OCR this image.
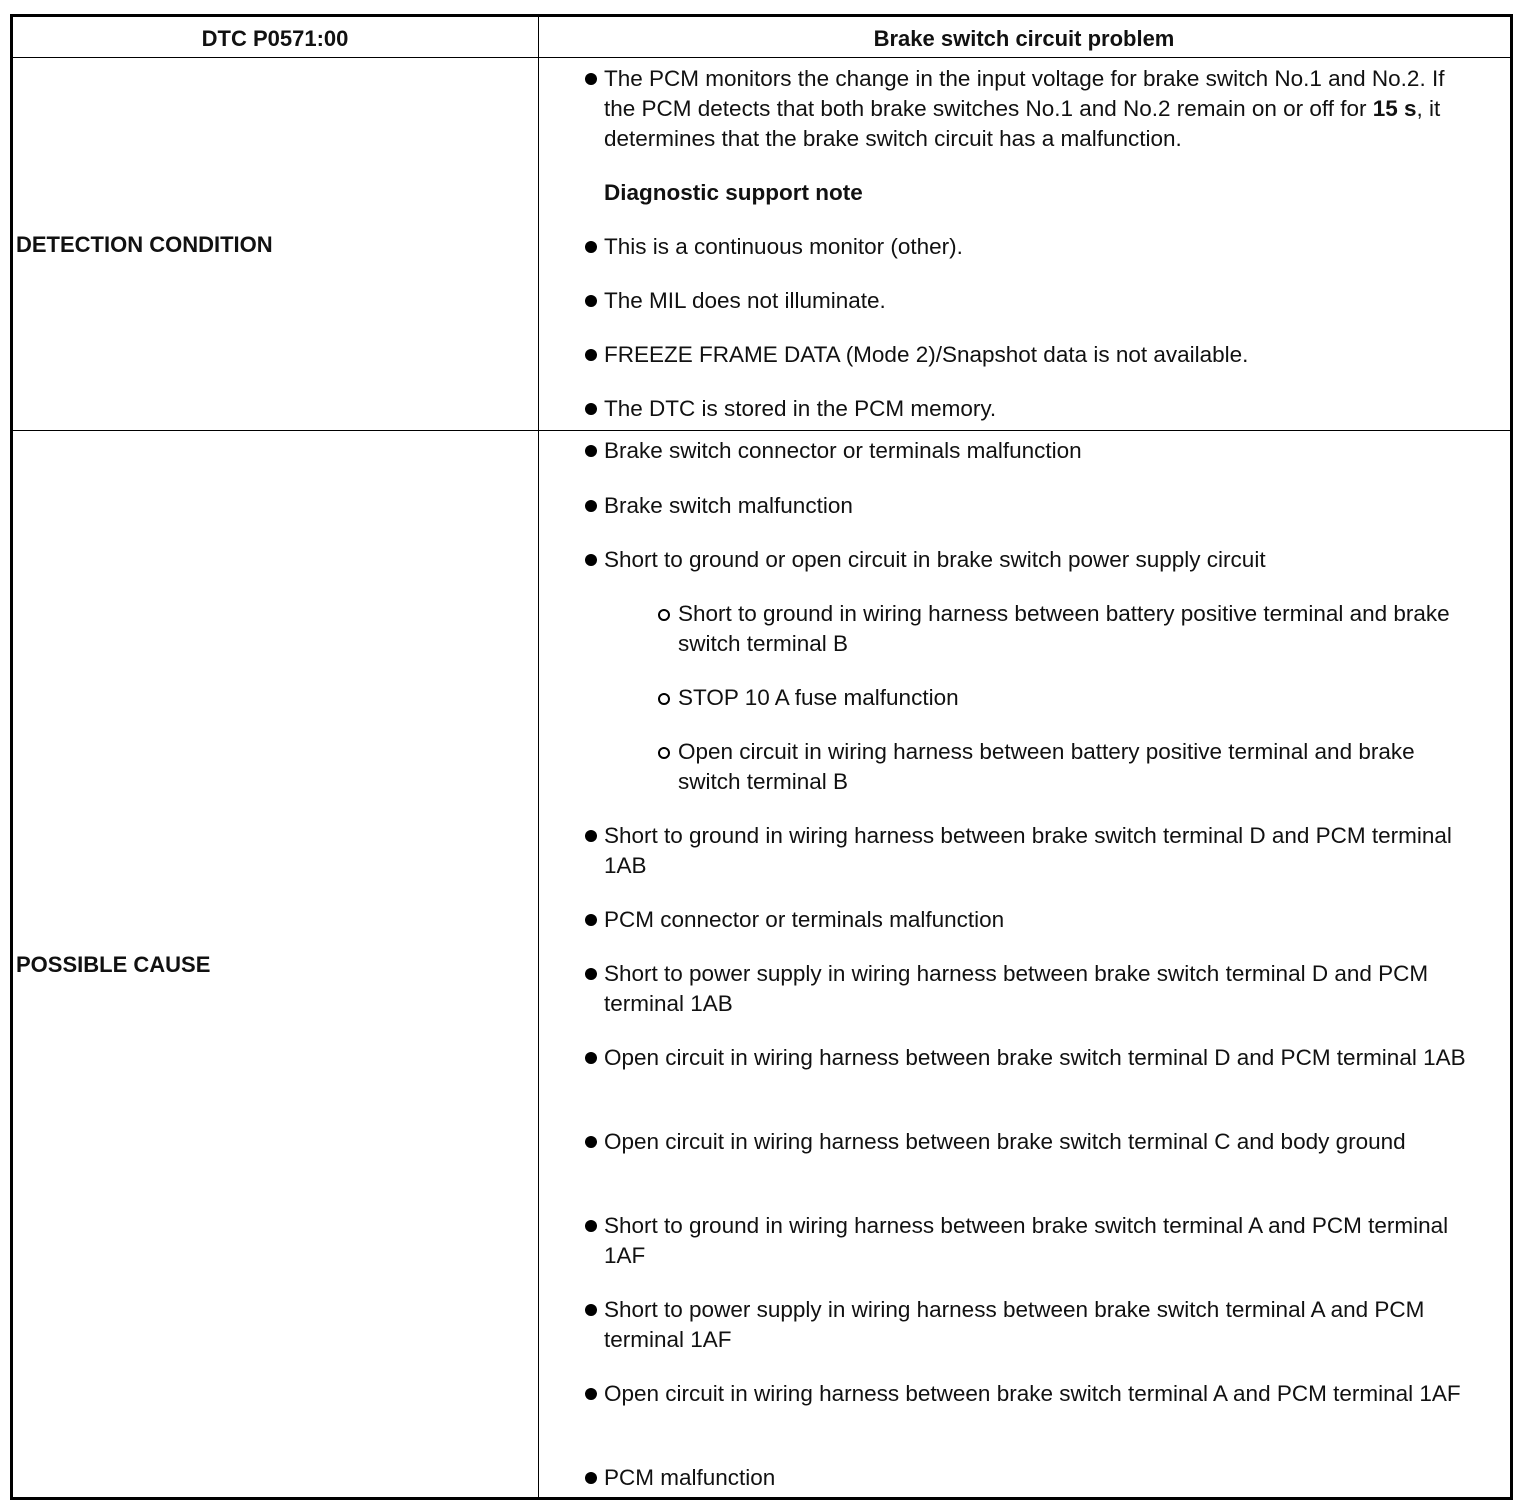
DTC P0571:00	Brake switch circuit problem
DETECTION CONDITION
The PCM monitors the change in the input voltage for brake switch No.1 and No.2. If the PCM detects that both brake switches No.1 and No.2 remain on or off for 15 s, it determines that the brake switch circuit has a malfunction.
Diagnostic support note
This is a continuous monitor (other).
The MIL does not illuminate.
FREEZE FRAME DATA (Mode 2)/Snapshot data is not available.
The DTC is stored in the PCM memory.
POSSIBLE CAUSE
Brake switch connector or terminals malfunction
Brake switch malfunction
Short to ground or open circuit in brake switch power supply circuit
Short to ground in wiring harness between battery positive terminal and brake switch terminal B
STOP 10 A fuse malfunction
Open circuit in wiring harness between battery positive terminal and brake switch terminal B
Short to ground in wiring harness between brake switch terminal D and PCM terminal 1AB
PCM connector or terminals malfunction
Short to power supply in wiring harness between brake switch terminal D and PCM terminal 1AB
Open circuit in wiring harness between brake switch terminal D and PCM terminal 1AB
Open circuit in wiring harness between brake switch terminal C and body ground
Short to ground in wiring harness between brake switch terminal A and PCM terminal 1AF
Short to power supply in wiring harness between brake switch terminal A and PCM terminal 1AF
Open circuit in wiring harness between brake switch terminal A and PCM terminal 1AF
PCM malfunction
